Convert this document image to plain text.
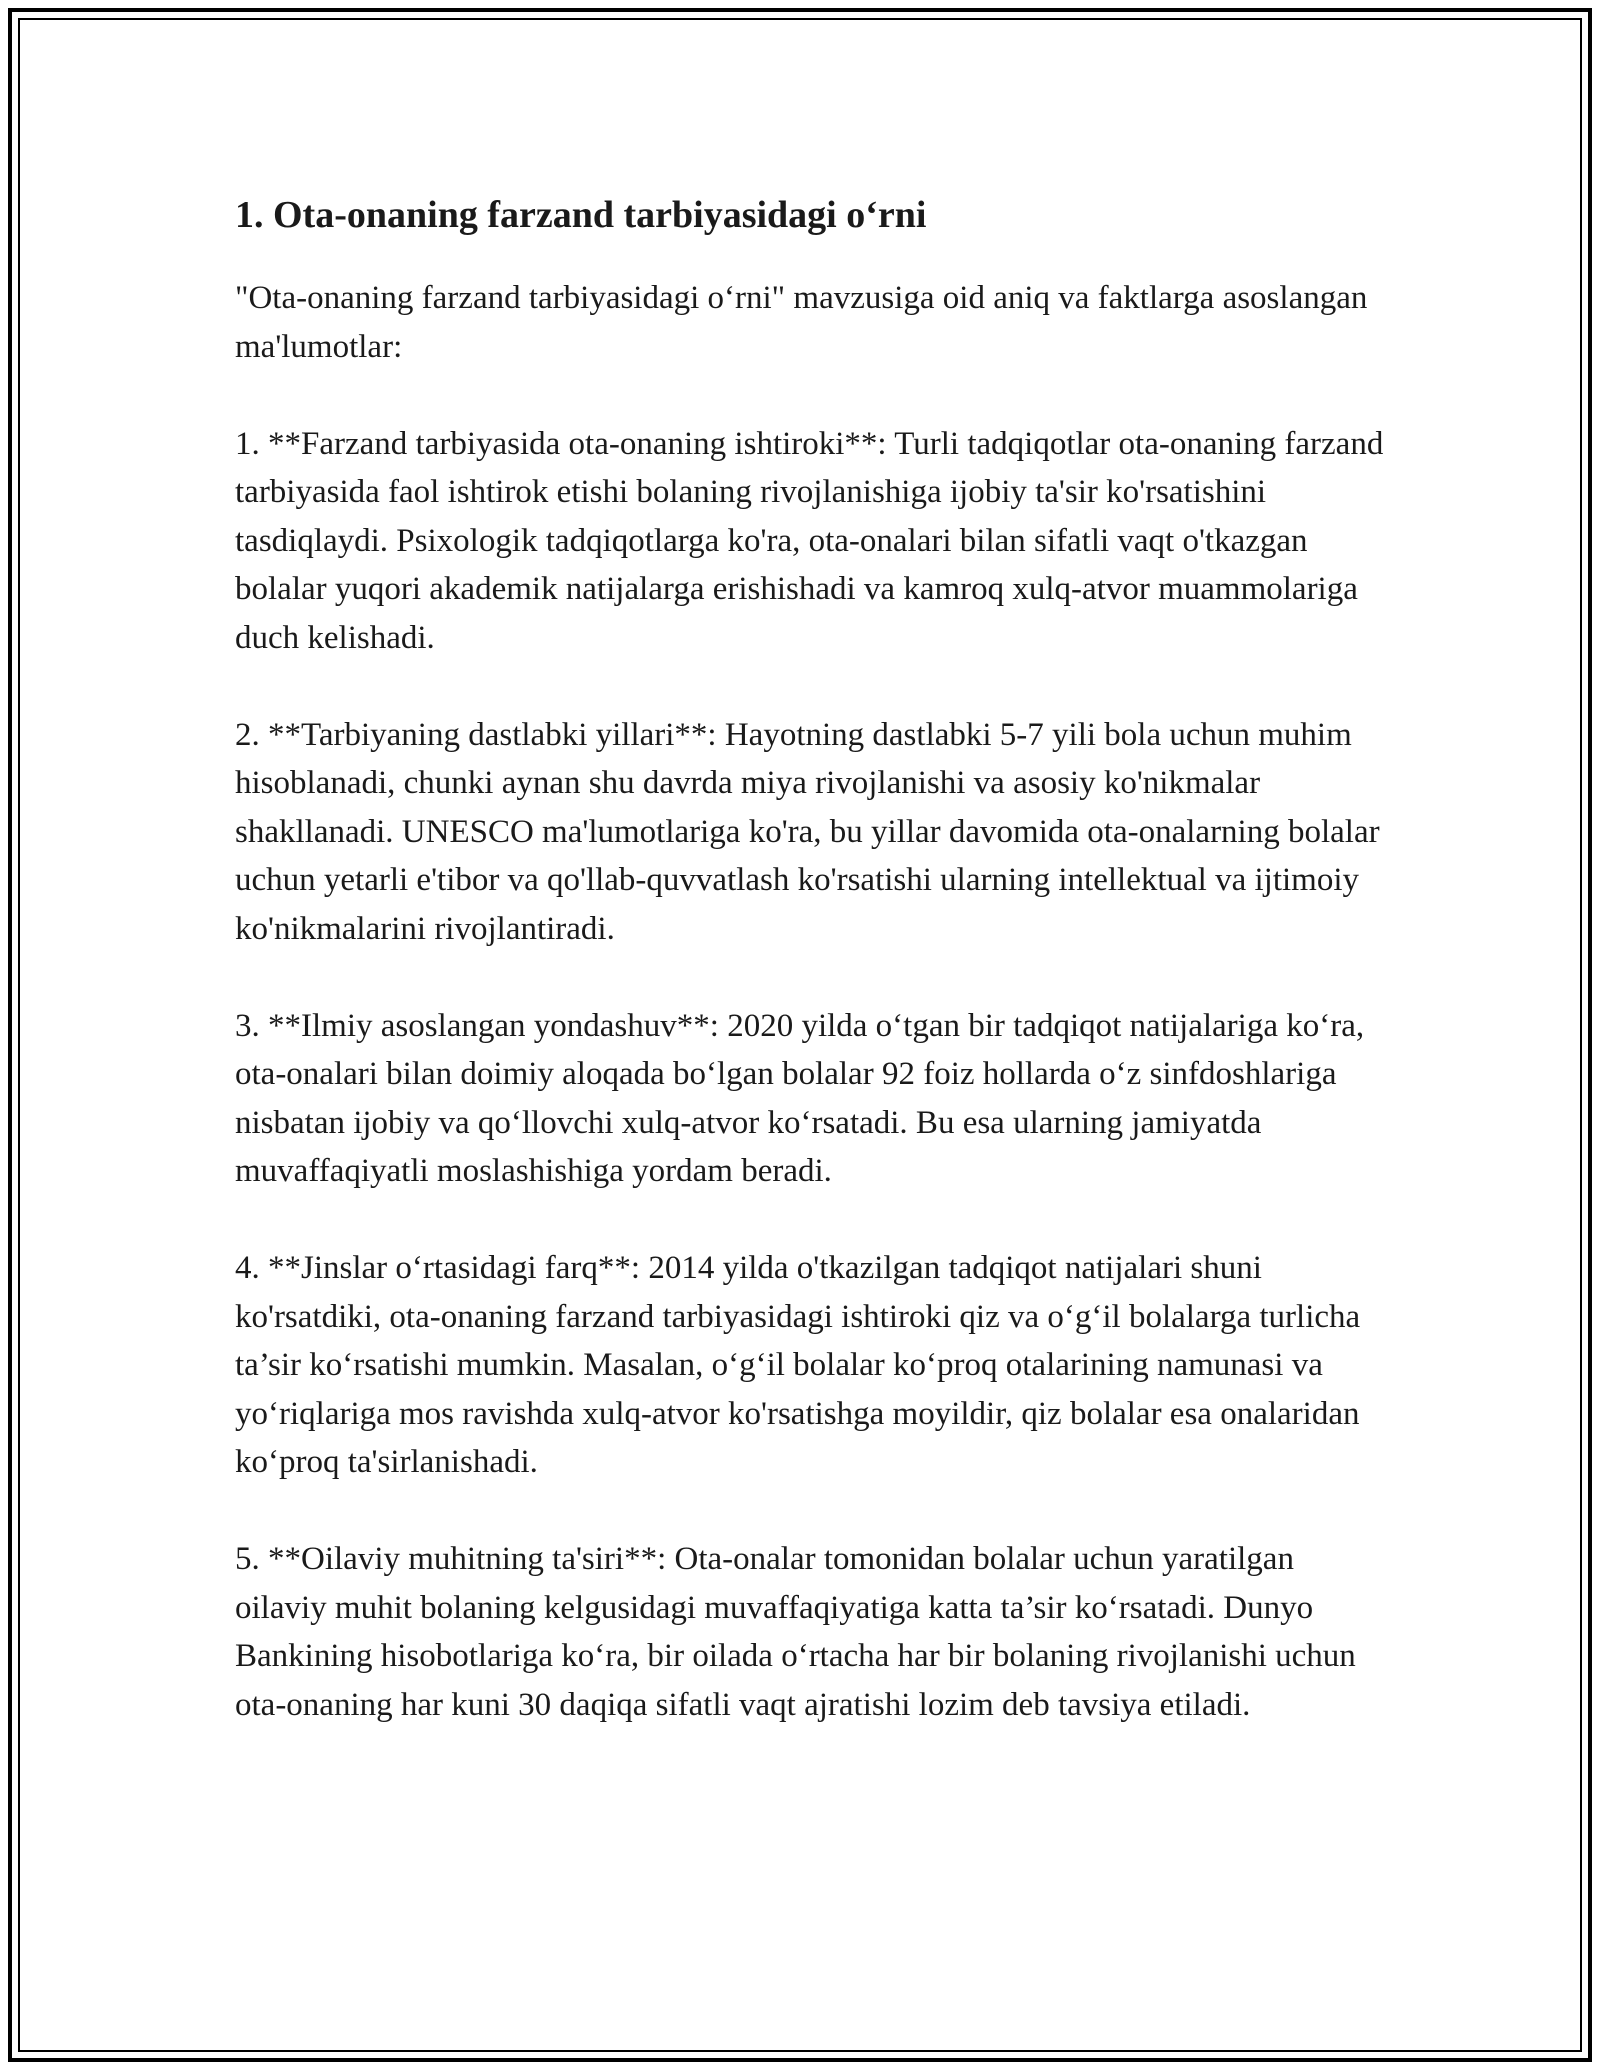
1. Ota-onaning farzand tarbiyasidagi o‘rni

"Ota-onaning farzand tarbiyasidagi o‘rni" mavzusiga oid aniq va faktlarga asoslangan ma'lumotlar:

1. **Farzand tarbiyasida ota-onaning ishtiroki**: Turli tadqiqotlar ota-onaning farzand tarbiyasida faol ishtirok etishi bolaning rivojlanishiga ijobiy ta'sir ko'rsatishini tasdiqlaydi. Psixologik tadqiqotlarga ko'ra, ota-onalari bilan sifatli vaqt o'tkazgan bolalar yuqori akademik natijalarga erishishadi va kamroq xulq-atvor muammolariga duch kelishadi.

2. **Tarbiyaning dastlabki yillari**: Hayotning dastlabki 5-7 yili bola uchun muhim hisoblanadi, chunki aynan shu davrda miya rivojlanishi va asosiy ko'nikmalar shakllanadi. UNESCO ma'lumotlariga ko'ra, bu yillar davomida ota-onalarning bolalar uchun yetarli e'tibor va qo'llab-quvvatlash ko'rsatishi ularning intellektual va ijtimoiy ko'nikmalarini rivojlantiradi.

3. **Ilmiy asoslangan yondashuv**: 2020 yilda o‘tgan bir tadqiqot natijalariga ko‘ra, ota-onalari bilan doimiy aloqada bo‘lgan bolalar 92 foiz hollarda o‘z sinfdoshlariga nisbatan ijobiy va qo‘llovchi xulq-atvor ko‘rsatadi. Bu esa ularning jamiyatda muvaffaqiyatli moslashishiga yordam beradi.

4. **Jinslar o‘rtasidagi farq**: 2014 yilda o'tkazilgan tadqiqot natijalari shuni ko'rsatdiki, ota-onaning farzand tarbiyasidagi ishtiroki qiz va o‘g‘il bolalarga turlicha ta’sir ko‘rsatishi mumkin. Masalan, o‘g‘il bolalar ko‘proq otalarining namunasi va yo‘riqlariga mos ravishda xulq-atvor ko'rsatishga moyildir, qiz bolalar esa onalaridan ko‘proq ta'sirlanishadi.

5. **Oilaviy muhitning ta'siri**: Ota-onalar tomonidan bolalar uchun yaratilgan oilaviy muhit bolaning kelgusidagi muvaffaqiyatiga katta ta’sir ko‘rsatadi. Dunyo Bankining hisobotlariga ko‘ra, bir oilada o‘rtacha har bir bolaning rivojlanishi uchun ota-onaning har kuni 30 daqiqa sifatli vaqt ajratishi lozim deb tavsiya etiladi.
